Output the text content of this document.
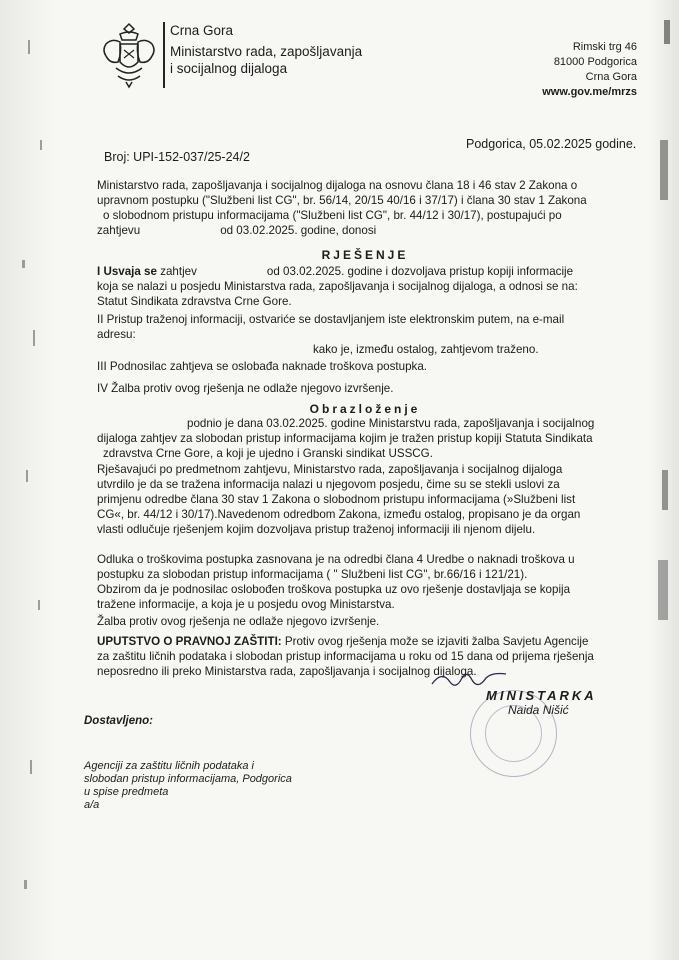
Crna Gora
Ministarstvo rada, zapošljavanja
i socijalnog dijaloga
Rimski trg 46
81000 Podgorica
Crna Gora
www.gov.me/mrzs
Podgorica, 05.02.2025 godine.
Broj: UPI-152-037/25-24/2

Ministarstvo rada, zapošljavanja i socijalnog dijaloga na osnovu člana 18 i 46 stav 2 Zakona o

upravnom postupku ("Službeni list CG", br. 56/14, 20/15 40/16 i 37/17) i člana 30 stav 1 Zakona

o slobodnom pristupu informacijama ("Službeni list CG", br. 44/12 i 30/17), postupajući po

zahtjevu	od 03.02.2025. godine, donosi

RJEŠENJE

I Usvaja se zahtjev	od 03.02.2025. godine i dozvoljava pristup kopiji informacije

koja se nalazi u posjedu Ministarstva rada, zapošljavanja i socijalnog dijaloga, a odnosi se na:

Statut Sindikata zdravstva Crne Gore.

II Pristup traženoj informaciji, ostvariće se dostavljanjem iste elektronskim putem, na e-mail

adresu:

kako je, između ostalog, zahtjevom traženo.

III Podnosilac zahtjeva se oslobađa naknade troškova postupka.
IV Žalba protiv ovog rješenja ne odlaže njegovo izvršenje.
Obrazloženje

podnio je dana 03.02.2025. godine Ministarstvu rada, zapošljavanja i socijalnog

dijaloga zahtjev za slobodan pristup informacijama kojim je tražen pristup kopiji Statuta Sindikata

zdravstva Crne Gore, a koji je ujedno i Granski sindikat USSCG.

Rješavajući po predmetnom zahtjevu, Ministarstvo rada, zapošljavanja i socijalnog dijaloga

utvrdilo je da se tražena informacija nalazi u njegovom posjedu, čime su se stekli uslovi za

primjenu odredbe člana 30 stav 1 Zakona o slobodnom pristupu informacijama (»Službeni list

CG«, br. 44/12 i 30/17).Navedenom odredbom Zakona, između ostalog, propisano je da organ

vlasti odlučuje rješenjem kojim dozvoljava pristup traženoj informaciji ili njenom dijelu.

Odluka o troškovima postupka zasnovana je na odredbi člana 4 Uredbe o naknadi troškova u

postupku za slobodan pristup informacijama ( " Službeni list CG", br.66/16 i 121/21).

Obzirom da je podnosilac oslobođen troškova postupka uz ovo rješenje dostavljaja se kopija

tražene informacije, a koja je u posjedu ovog Ministarstva.

Žalba protiv ovog rješenja ne odlaže njegovo izvršenje.

UPUTSTVO O PRAVNOJ ZAŠTITI: Protiv ovog rješenja može se izjaviti žalba Savjetu Agencije

za zaštitu ličnih podataka i slobodan pristup informacijama u roku od 15 dana od prijema rješenja

neposredno ili preko Ministarstva rada, zapošljavanja i socijalnog dijaloga.

MINISTARKA
Naida Nišić
Dostavljeno:
Agenciji za zaštitu ličnih podataka i
slobodan pristup informacijama, Podgorica
u spise predmeta
a/a
